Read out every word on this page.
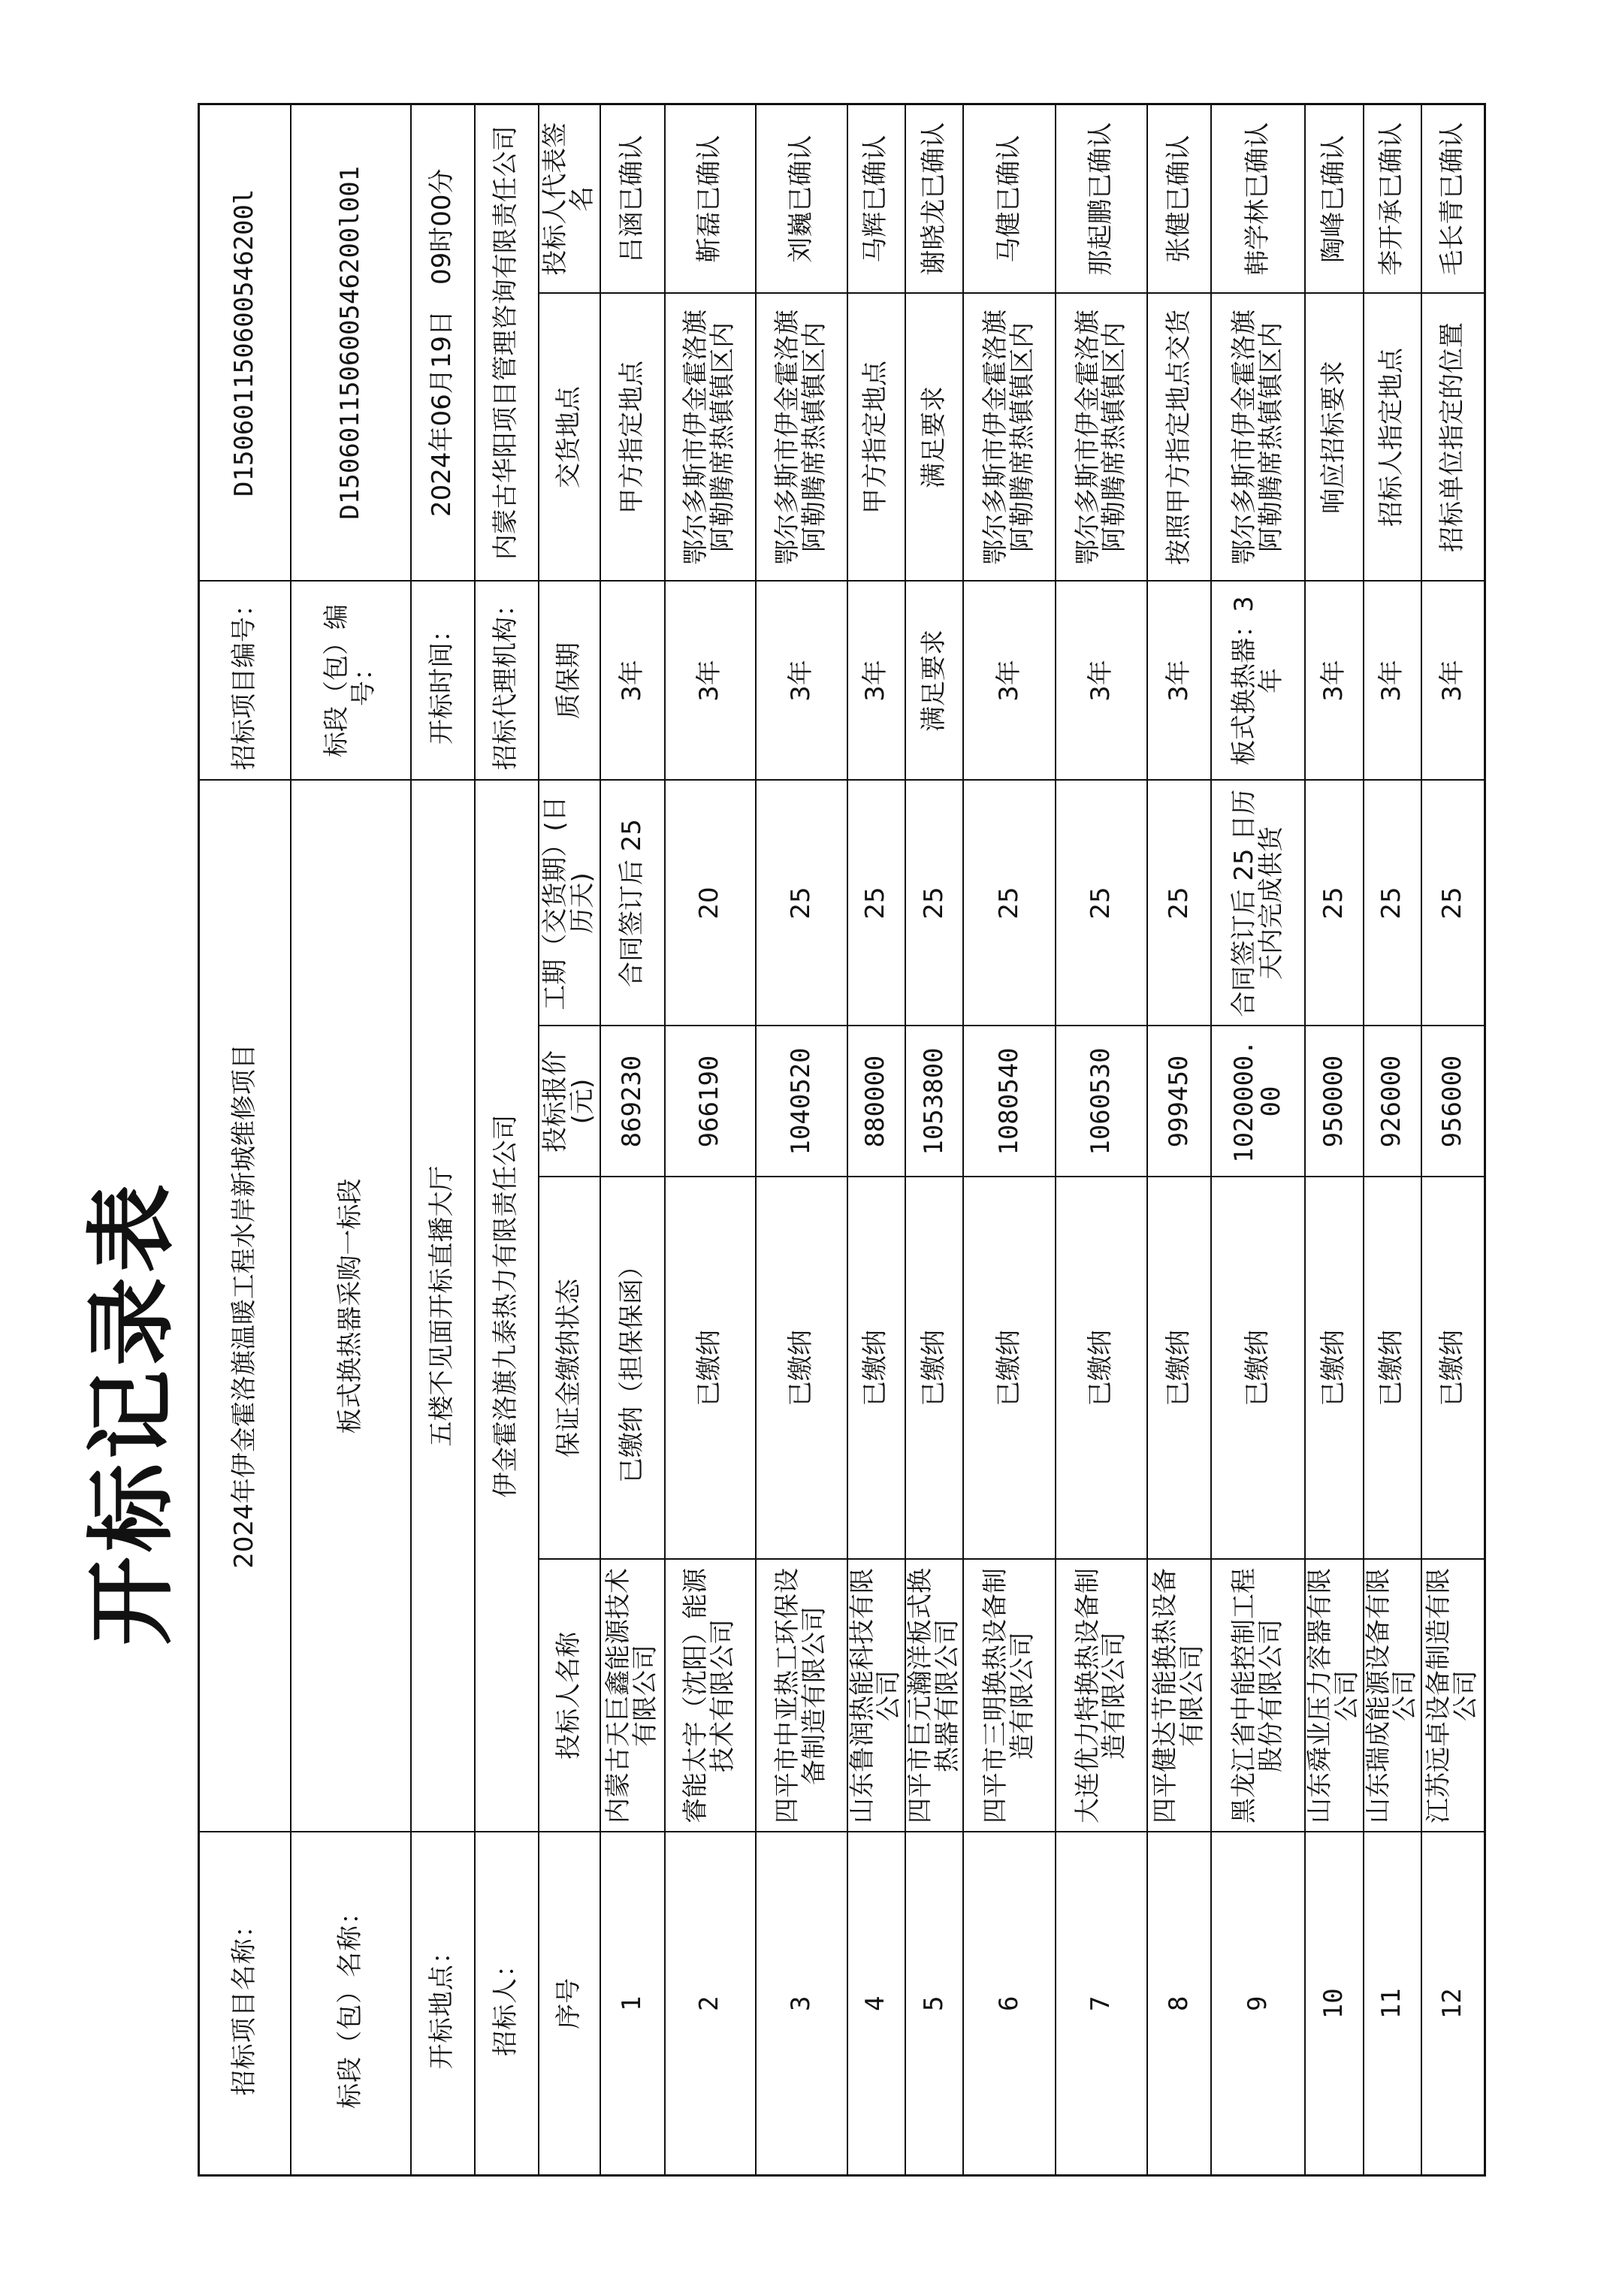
开标记录表
招标项目名称：	2024年伊金霍洛旗温暖工程水岸新城维修项目				招标项目编号：	D150601150600546200l	
标段（包）名称：	板式换热器采购一标段				标段（包）编号：	D150601150600546200l001	
开标地点：	五楼不见面开标直播大厅				开标时间：	2024年06月19日　09时00分	
招标人：	伊金霍洛旗九泰热力有限责任公司				招标代理机构：	内蒙古华阳项目管理咨询有限责任公司	
序号	投标人名称	保证金缴纳状态	投标报价(元)	工期（交货期）(日历天)	质保期	交货地点	投标人代表签名
1	内蒙古天巨鑫能源技术有限公司	已缴纳（担保保函）	869230	合同签订后 25	3年	甲方指定地点	吕涵已确认
2	睿能太宇（沈阳）能源技术有限公司	已缴纳	966190	20	3年	鄂尔多斯市伊金霍洛旗阿勒腾席热镇镇区内	靳磊已确认
3	四平市中亚热工环保设备制造有限公司	已缴纳	1040520	25	3年	鄂尔多斯市伊金霍洛旗阿勒腾席热镇镇区内	刘巍已确认
4	山东鲁润热能科技有限公司	已缴纳	880000	25	3年	甲方指定地点	马辉已确认
5	四平市巨元瀚洋板式换热器有限公司	已缴纳	1053800	25	满足要求	满足要求	谢晓龙已确认
6	四平市三明换热设备制造有限公司	已缴纳	1080540	25	3年	鄂尔多斯市伊金霍洛旗阿勒腾席热镇镇区内	马健已确认
7	大连优力特换热设备制造有限公司	已缴纳	1060530	25	3年	鄂尔多斯市伊金霍洛旗阿勒腾席热镇镇区内	那起鹏已确认
8	四平健达节能换热设备有限公司	已缴纳	999450	25	3年	按照甲方指定地点交货	张健已确认
9	黑龙江省中能控制工程股份有限公司	已缴纳	1020000.00	合同签订后 25 日历天内完成供货	板式换热器：3年	鄂尔多斯市伊金霍洛旗阿勒腾席热镇镇区内	韩学林已确认
10	山东舜业压力容器有限公司	已缴纳	950000	25	3年	响应招标要求	陶峰已确认
11	山东瑞成能源设备有限公司	已缴纳	926000	25	3年	招标人指定地点	李开承已确认
12	江苏远卓设备制造有限公司	已缴纳	956000	25	3年	招标单位指定的位置	毛长青已确认
